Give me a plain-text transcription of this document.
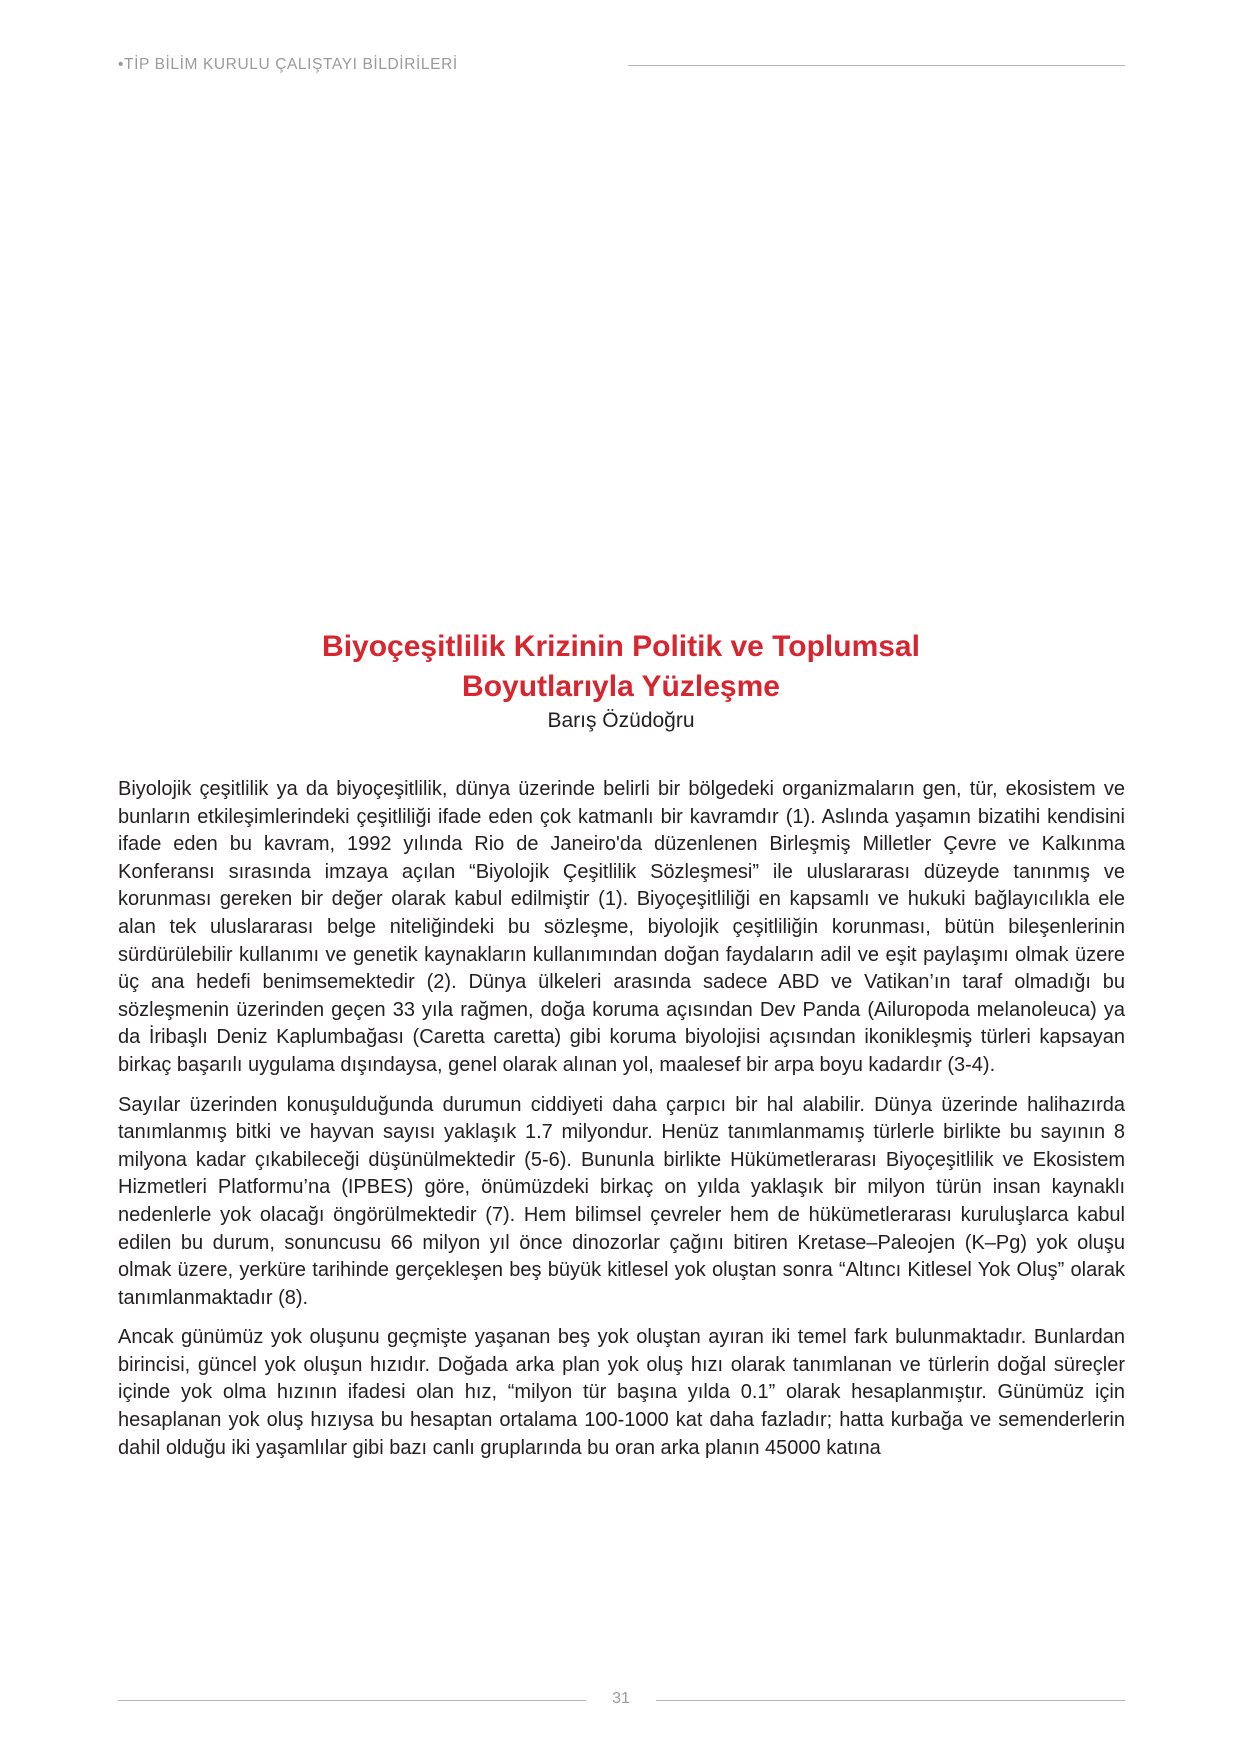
•TİP BİLİM KURULU ÇALIŞTAYI BİLDİRİLERİ
Biyoçeşitlilik Krizinin Politik ve Toplumsal
Boyutlarıyla Yüzleşme
Barış Özüdoğru

Biyolojik çeşitlilik ya da biyoçeşitlilik, dünya üzerinde belirli bir bölgedeki organizmaların gen, tür, ekosistem ve bunların etkileşimlerindeki çeşitliliği ifade eden çok katmanlı bir kavramdır (1). Aslında yaşamın bizatihi kendisini ifade eden bu kavram, 1992 yılında Rio de Janeiro'da düzenlenen Birleşmiş Milletler Çevre ve Kalkınma Konferansı sırasında imzaya açılan “Biyolojik Çeşitlilik Sözleşmesi” ile uluslararası düzeyde tanınmış ve korunması gereken bir değer olarak kabul edilmiştir (1). Biyoçeşitliliği en kapsamlı ve hukuki bağlayıcılıkla ele alan tek uluslararası belge niteliğindeki bu sözleşme, biyolojik çeşitliliğin korunması, bütün bileşenlerinin sürdürülebilir kullanımı ve genetik kaynakların kullanımından doğan faydaların adil ve eşit paylaşımı olmak üzere üç ana hedefi benimsemektedir (2). Dünya ülkeleri arasında sadece ABD ve Vatikan’ın taraf olmadığı bu sözleşmenin üzerinden geçen 33 yıla rağmen, doğa koruma açısından Dev Panda (Ailuropoda melanoleuca) ya da İribaşlı Deniz Kaplumbağası (Caretta caretta) gibi koruma biyolojisi açısından ikonikleşmiş türleri kapsayan birkaç başarılı uygulama dışındaysa, genel olarak alınan yol, maalesef bir arpa boyu kadardır (3-4).

Sayılar üzerinden konuşulduğunda durumun ciddiyeti daha çarpıcı bir hal alabilir. Dünya üzerinde halihazırda tanımlanmış bitki ve hayvan sayısı yaklaşık 1.7 milyondur. Henüz tanımlanmamış türlerle birlikte bu sayının 8 milyona kadar çıkabileceği düşünülmektedir (5-6). Bununla birlikte Hükümetlerarası Biyoçeşitlilik ve Ekosistem Hizmetleri Platformu’na (IPBES) göre, önümüzdeki birkaç on yılda yaklaşık bir milyon türün insan kaynaklı nedenlerle yok olacağı öngörülmektedir (7). Hem bilimsel çevreler hem de hükümetlerarası kuruluşlarca kabul edilen bu durum, sonuncusu 66 milyon yıl önce dinozorlar çağını bitiren Kretase–Paleojen (K–Pg) yok oluşu olmak üzere, yerküre tarihinde gerçekleşen beş büyük kitlesel yok oluştan sonra “Altıncı Kitlesel Yok Oluş” olarak tanımlanmaktadır (8).

Ancak günümüz yok oluşunu geçmişte yaşanan beş yok oluştan ayıran iki temel fark bulunmaktadır. Bunlardan birincisi, güncel yok oluşun hızıdır. Doğada arka plan yok oluş hızı olarak tanımlanan ve türlerin doğal süreçler içinde yok olma hızının ifadesi olan hız, “milyon tür başına yılda 0.1” olarak hesaplanmıştır. Günümüz için hesaplanan yok oluş hızıysa bu hesaptan ortalama 100-1000 kat daha fazladır; hatta kurbağa ve semenderlerin dahil olduğu iki yaşamlılar gibi bazı canlı gruplarında bu oran arka planın 45000 katına

31
